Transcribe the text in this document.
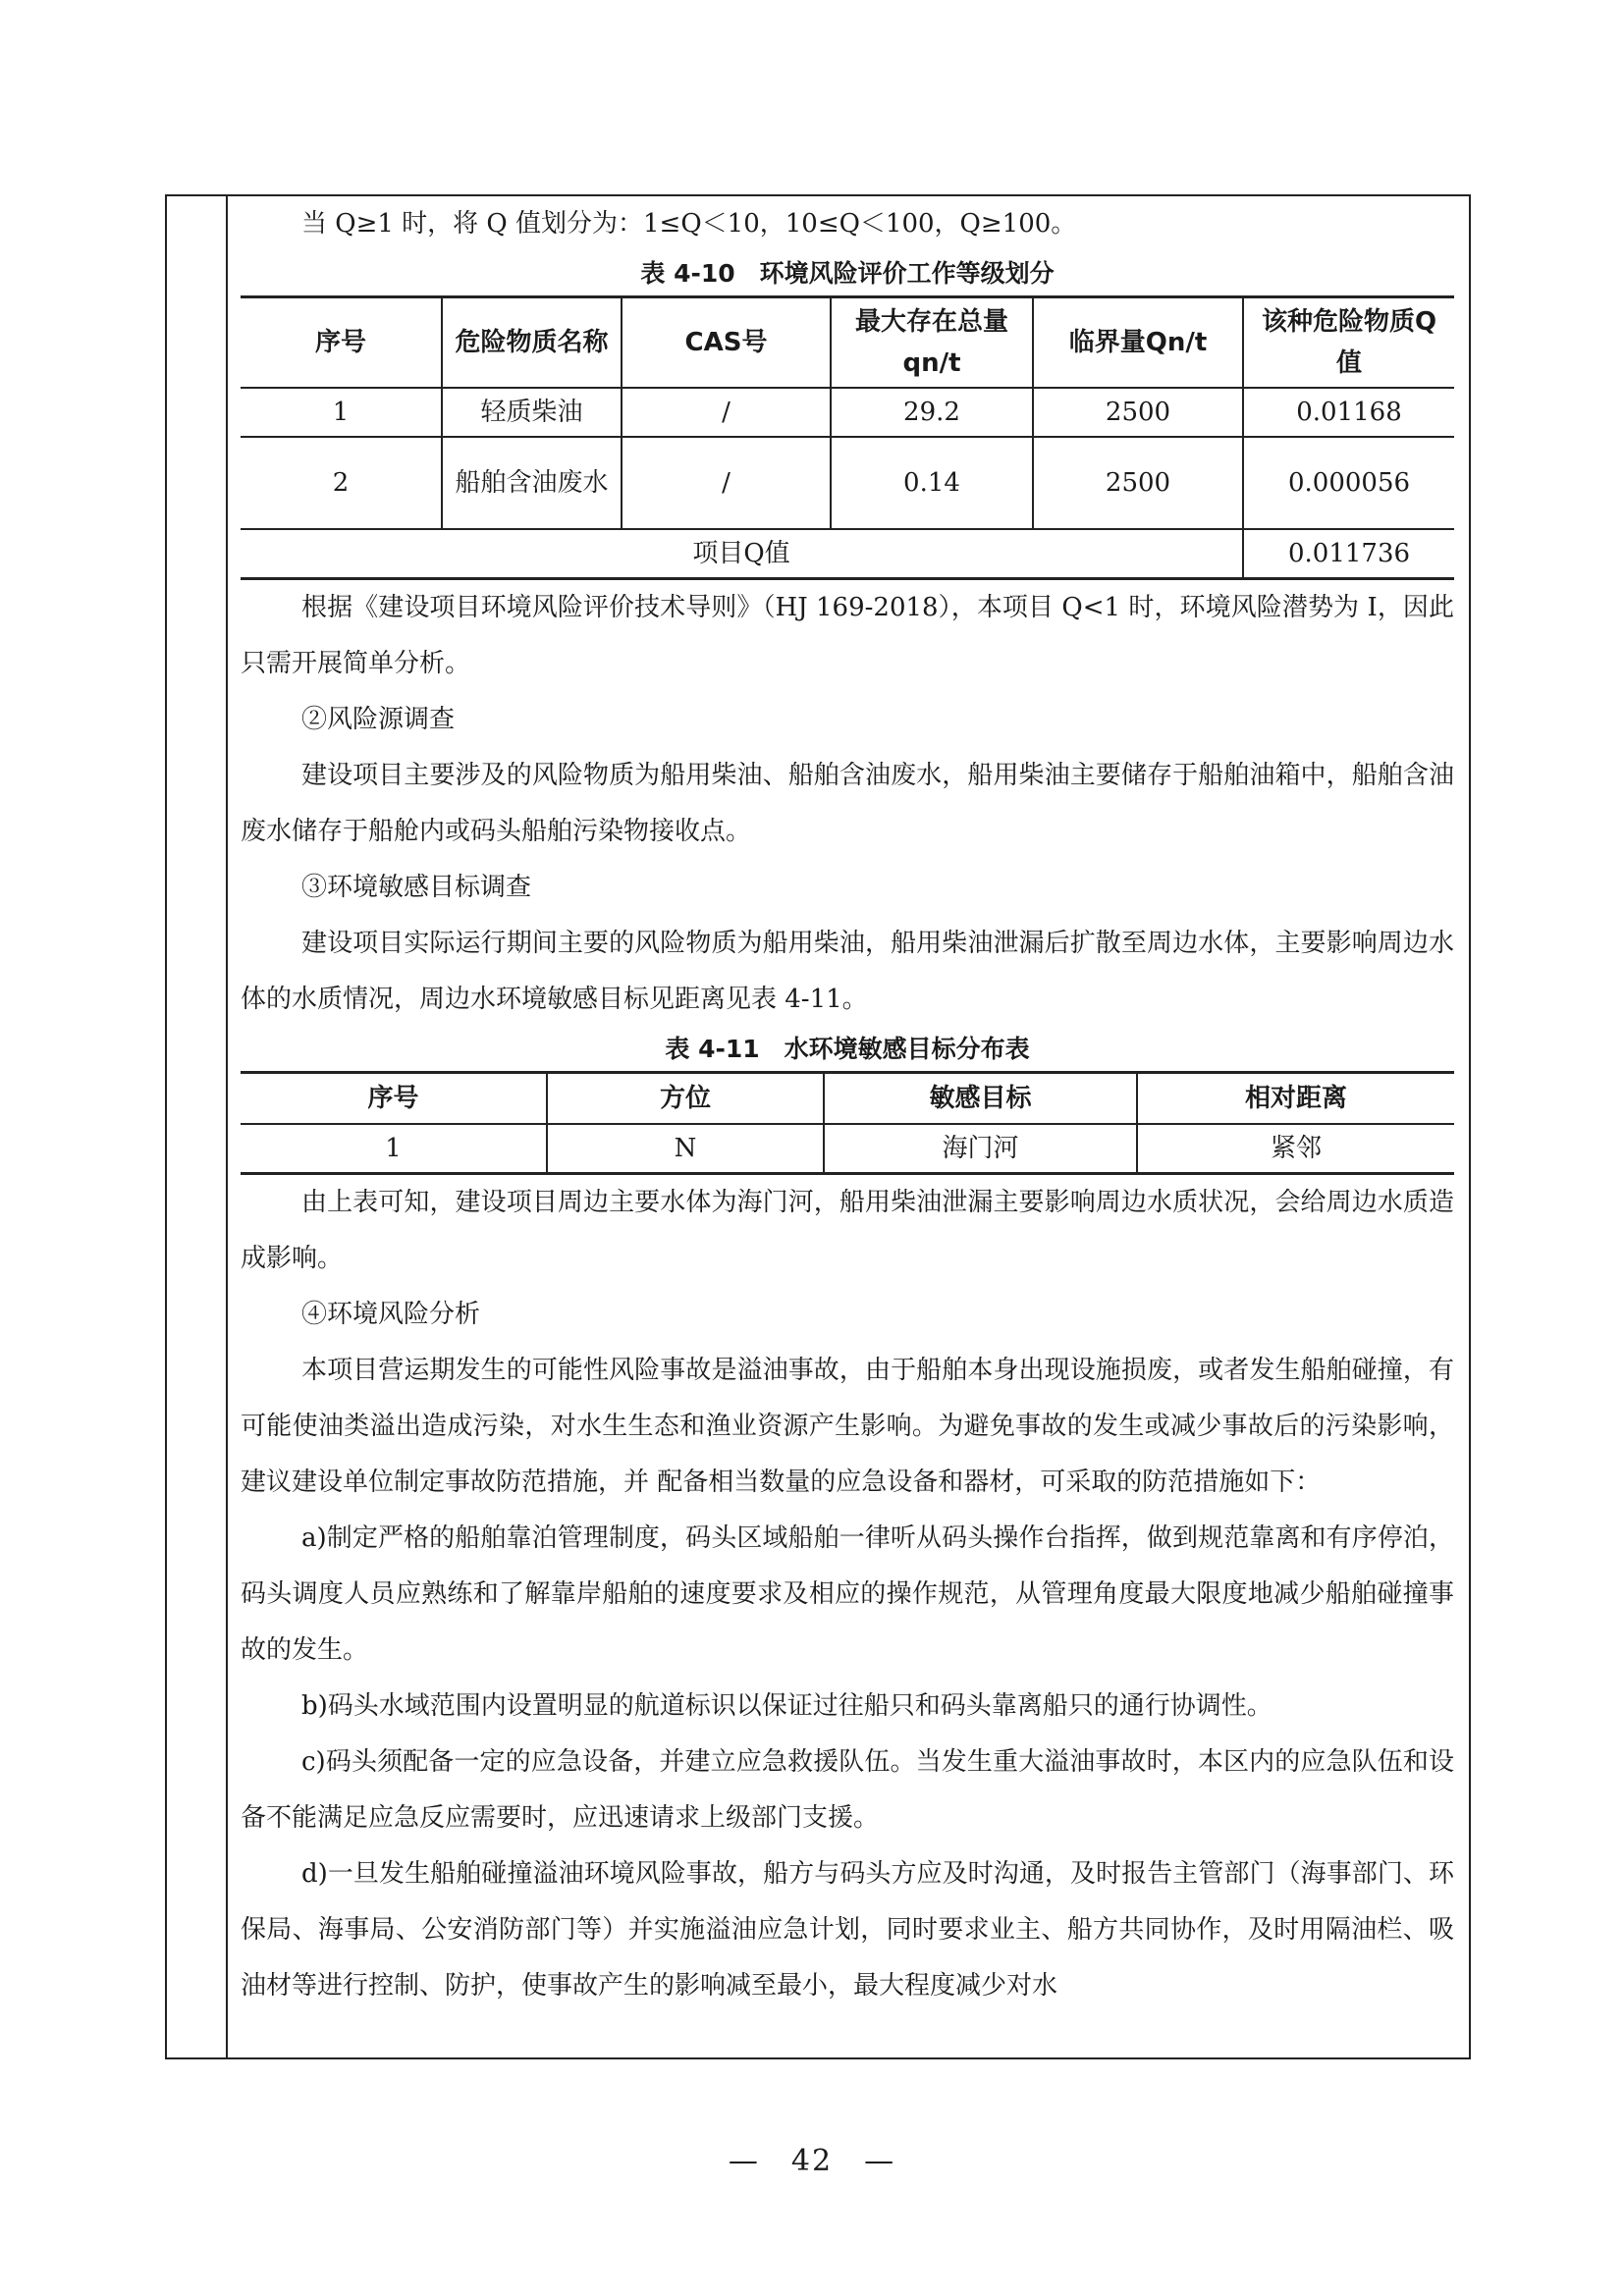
当 Q≥1 时，将 Q 值划分为：1≤Q＜10，10≤Q＜100，Q≥100。

表 4-10　环境风险评价工作等级划分
序号	危险物质名称	CAS号	最大存在总量qn/t	临界量Qn/t	该种危险物质Q值
1	轻质柴油	/	29.2	2500	0.01168
2	船舶含油废水	/	0.14	2500	0.000056
项目Q值					0.011736

根据《建设项目环境风险评价技术导则》（HJ 169-2018），本项目 Q<1 时，环境风险潜势为 I，因此只需开展简单分析。

②风险源调查

建设项目主要涉及的风险物质为船用柴油、船舶含油废水，船用柴油主要储存于船舶油箱中，船舶含油废水储存于船舱内或码头船舶污染物接收点。

③环境敏感目标调查

建设项目实际运行期间主要的风险物质为船用柴油，船用柴油泄漏后扩散至周边水体，主要影响周边水体的水质情况，周边水环境敏感目标见距离见表 4-11。

表 4-11　水环境敏感目标分布表
序号	方位	敏感目标	相对距离
1	N	海门河	紧邻

由上表可知，建设项目周边主要水体为海门河，船用柴油泄漏主要影响周边水质状况，会给周边水质造成影响。

④环境风险分析

本项目营运期发生的可能性风险事故是溢油事故，由于船舶本身出现设施损废，或者发生船舶碰撞，有可能使油类溢出造成污染，对水生生态和渔业资源产生影响。为避免事故的发生或减少事故后的污染影响，建议建设单位制定事故防范措施，并 配备相当数量的应急设备和器材，可采取的防范措施如下：

a)制定严格的船舶靠泊管理制度，码头区域船舶一律听从码头操作台指挥，做到规范靠离和有序停泊，码头调度人员应熟练和了解靠岸船舶的速度要求及相应的操作规范，从管理角度最大限度地减少船舶碰撞事故的发生。

b)码头水域范围内设置明显的航道标识以保证过往船只和码头靠离船只的通行协调性。

c)码头须配备一定的应急设备，并建立应急救援队伍。当发生重大溢油事故时，本区内的应急队伍和设备不能满足应急反应需要时，应迅速请求上级部门支援。

d)一旦发生船舶碰撞溢油环境风险事故，船方与码头方应及时沟通，及时报告主管部门（海事部门、环保局、海事局、公安消防部门等）并实施溢油应急计划，同时要求业主、船方共同协作，及时用隔油栏、吸油材等进行控制、防护，使事故产生的影响减至最小，最大程度减少对水

—　42　—
